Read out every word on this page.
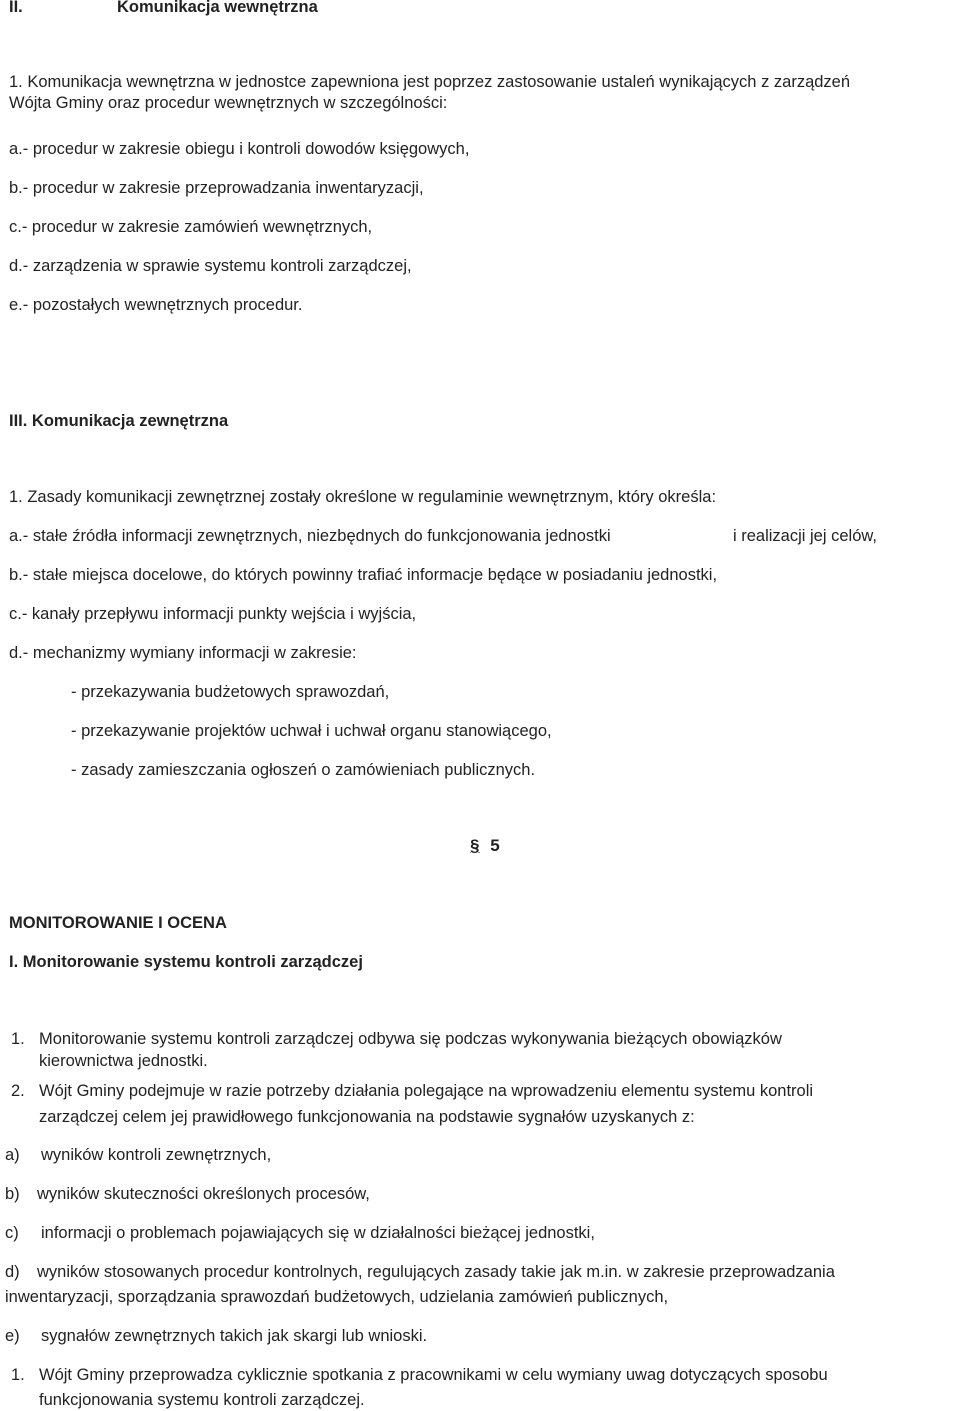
II.	Komunikacja wewnętrzna
1. Komunikacja wewnętrzna w jednostce zapewniona jest poprzez zastosowanie ustaleń wynikających z zarządzeń
Wójta Gminy oraz procedur wewnętrznych w szczególności:
a.- procedur w zakresie obiegu i kontroli dowodów księgowych,
b.- procedur w zakresie przeprowadzania inwentaryzacji,
c.- procedur w zakresie zamówień wewnętrznych,
d.- zarządzenia w sprawie systemu kontroli zarządczej,
e.- pozostałych wewnętrznych procedur.
III. Komunikacja zewnętrzna
1. Zasady komunikacji zewnętrznej zostały określone w regulaminie wewnętrznym, który określa:
a.- stałe źródła informacji zewnętrznych, niezbędnych do funkcjonowania jednostki	i realizacji jej celów,
b.- stałe miejsca docelowe, do których powinny trafiać informacje będące w posiadaniu jednostki,
c.- kanały przepływu informacji punkty wejścia i wyjścia,
d.- mechanizmy wymiany informacji w zakresie:
- przekazywania budżetowych sprawozdań,
- przekazywanie projektów uchwał i uchwał organu stanowiącego,
- zasady zamieszczania ogłoszeń o zamówieniach publicznych.
§ 5
MONITOROWANIE I OCENA
I. Monitorowanie systemu kontroli zarządczej
1. Monitorowanie systemu kontroli zarządczej odbywa się podczas wykonywania bieżących obowiązków
kierownictwa jednostki.
2. Wójt Gminy podejmuje w razie potrzeby działania polegające na wprowadzeniu elementu systemu kontroli
zarządczej celem jej prawidłowego funkcjonowania na podstawie sygnałów uzyskanych z:
a) wyników kontroli zewnętrznych,
b) wyników skuteczności określonych procesów,
c) informacji o problemach pojawiających się w działalności bieżącej jednostki,
d) wyników stosowanych procedur kontrolnych, regulujących zasady takie jak m.in. w zakresie przeprowadzania
inwentaryzacji, sporządzania sprawozdań budżetowych, udzielania zamówień publicznych,
e) sygnałów zewnętrznych takich jak skargi lub wnioski.
1. Wójt Gminy przeprowadza cyklicznie spotkania z pracownikami w celu wymiany uwag dotyczących sposobu
funkcjonowania systemu kontroli zarządczej.
